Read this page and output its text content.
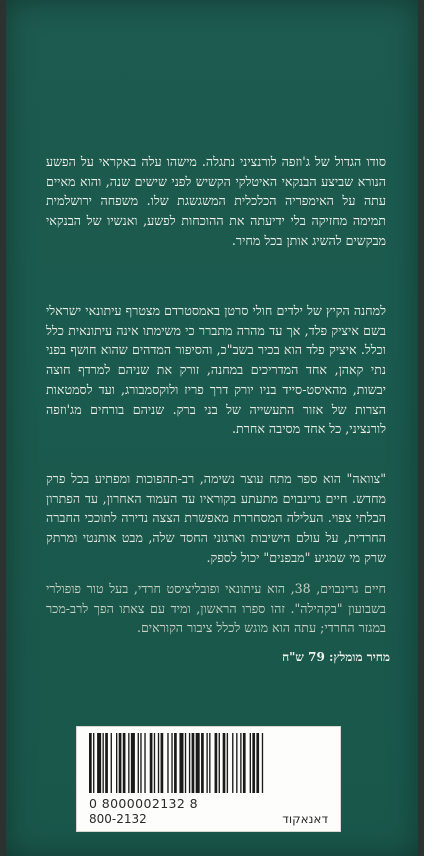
סודו הגדול של ג'וזפה לורנציני נתגלה. מישהו עלה באקראי על הפשע הנורא שביצע הבנקאי האיטלקי הקשיש לפני שישים שנה, והוא מאיים עתה על האימפריה הכלכלית המשגשגת שלו. משפחה ירושלמית תמימה מחזיקה בלי ידיעתה את ההוכחות לפשע, ואנשיו של הבנקאי מבקשים להשיג אותן בכל מחיר.

למחנה הקיץ של ילדים חולי סרטן באמסטרדם מצטרף עיתונאי ישראלי בשם איציק פלד, אך עד מהרה מתברר כי משימתו אינה עיתונאית כלל וכלל. איציק פלד הוא בכיר בשב"כ, והסיפור המדהים שהוא חושף בפני נתי קאהן, אחד המדריכים במחנה, זורק את שניהם למרדף חוצה יבשות, מהאיסט-סייד בניו יורק דרך פריז ולוקסמבורג, ועד לסמטאות הצרות של אזור התעשייה של בני ברק. שניהם בורחים מג'וזפה לורנציני, כל אחד מסיבה אחרת.

"צוואה" הוא ספר מתח עוצר נשימה, רב-תהפוכות ומפתיע בכל פרק מחדש. חיים גרינבוים מתעתע בקוראיו עד העמוד האחרון, עד הפתרון הבלתי צפוי. העלילה המסחררת מאפשרת הצצה נדירה לתוככי החברה החרדית, על עולם הישיבות וארגוני החסד שלה, מבט אותנטי ומרתק שרק מי שמגיע "מבפנים" יכול לספק.

חיים גרינבוים, 38, הוא עיתונאי ופובליציסט חרדי, בעל טור פופולרי בשבועון "בקהילה". זהו ספרו הראשון, ומיד עם צאתו הפך לרב-מכר במגזר החרדי; עתה הוא מוגש לכלל ציבור הקוראים.

מחיר מומלץ: 79 ש"ח
0 8000002132 8
800-2132	דאנאקוד
